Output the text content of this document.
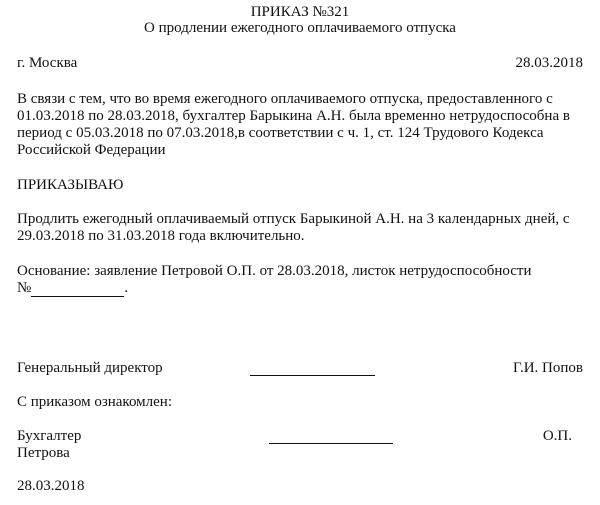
ПРИКАЗ №321
О продлении ежегодного оплачиваемого отпуска
г. Москва	28.03.2018
В связи с тем, что во время ежегодного оплачиваемого отпуска, предоставленного с
01.03.2018 по 28.03.2018, бухгалтер Барыкина А.Н. была временно нетрудоспособна в
период с 05.03.2018 по 07.03.2018,в соответствии с ч. 1, ст. 124 Трудового Кодекса
Российской Федерации
ПРИКАЗЫВАЮ
Продлить ежегодный оплачиваемый отпуск Барыкиной А.Н. на 3 календарных дней, с
29.03.2018 по 31.03.2018 года включительно.
Основание: заявление Петровой О.П. от 28.03.2018, листок нетрудоспособности
№	.
Генеральный директор	Г.И. Попов
С приказом ознакомлен:
Бухгалтер	О.П.
Петрова
28.03.2018
